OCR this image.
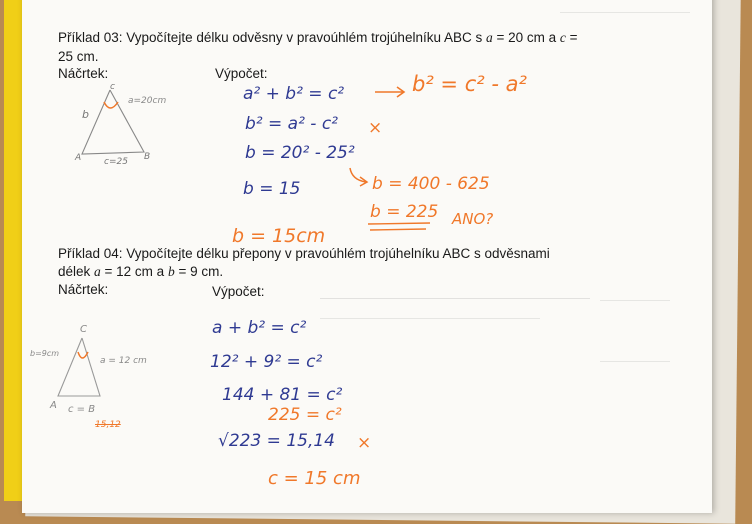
Příklad 03: Vypočítejte délku odvěsny v pravoúhlém trojúhelníku ABC s a = 20 cm a c =
25 cm.
Náčrtek:	Výpočet:
c
b
a=20cm
A	c=25 B
a² + b² = c²
b² = a² - c² ×
b = 20² - 25²
b = 15
b² = c² - a²
b = 400 - 625
b = 225 ANO?
b = 15cm
Příklad 04: Vypočítejte délku přepony v pravoúhlém trojúhelníku ABC s odvěsnami
délek a = 12 cm a b = 9 cm.
Náčrtek:	Výpočet:
C
b=9cm
a = 12 cm
A c = B
15,12
a + b² = c²
12² + 9² = c²
144 + 81 = c²
225 = c²
√223 = 15,14 ×
c = 15 cm
